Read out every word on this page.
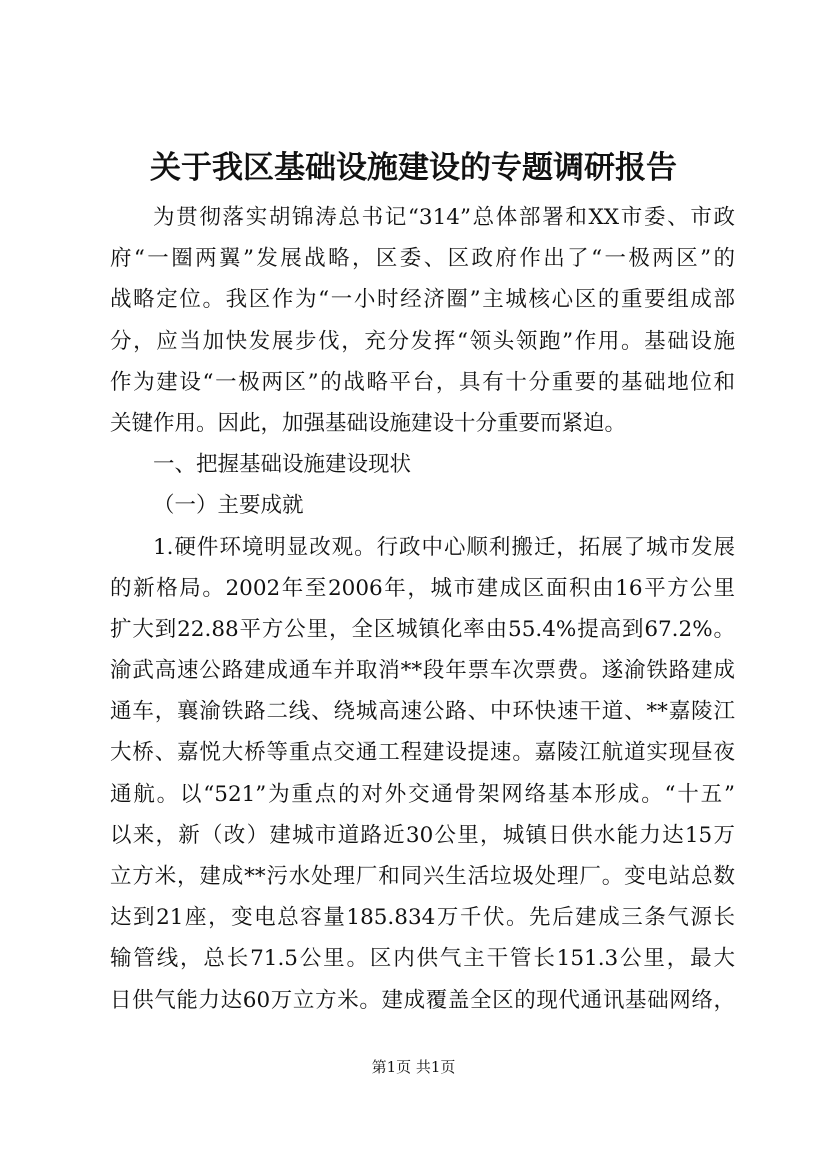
关于我区基础设施建设的专题调研报告
为贯彻落实胡锦涛总书记“314”总体部署和XX市委、市政
府“一圈两翼”发展战略，区委、区政府作出了“一极两区”的
战略定位。我区作为“一小时经济圈”主城核心区的重要组成部
分，应当加快发展步伐，充分发挥“领头领跑”作用。基础设施
作为建设“一极两区”的战略平台，具有十分重要的基础地位和
关键作用。因此，加强基础设施建设十分重要而紧迫。
一、把握基础设施建设现状
（一）主要成就
1.硬件环境明显改观。行政中心顺利搬迁，拓展了城市发展
的新格局。2002年至2006年，城市建成区面积由16平方公里
扩大到22.88平方公里，全区城镇化率由55.4%提高到67.2%。
渝武高速公路建成通车并取消**段年票车次票费。遂渝铁路建成
通车，襄渝铁路二线、绕城高速公路、中环快速干道、**嘉陵江
大桥、嘉悦大桥等重点交通工程建设提速。嘉陵江航道实现昼夜
通航。以“521”为重点的对外交通骨架网络基本形成。“十五”
以来，新（改）建城市道路近30公里，城镇日供水能力达15万
立方米，建成**污水处理厂和同兴生活垃圾处理厂。变电站总数
达到21座，变电总容量185.834万千伏。先后建成三条气源长
输管线，总长71.5公里。区内供气主干管长151.3公里，最大
日供气能力达60万立方米。建成覆盖全区的现代通讯基础网络，
第1页 共1页
